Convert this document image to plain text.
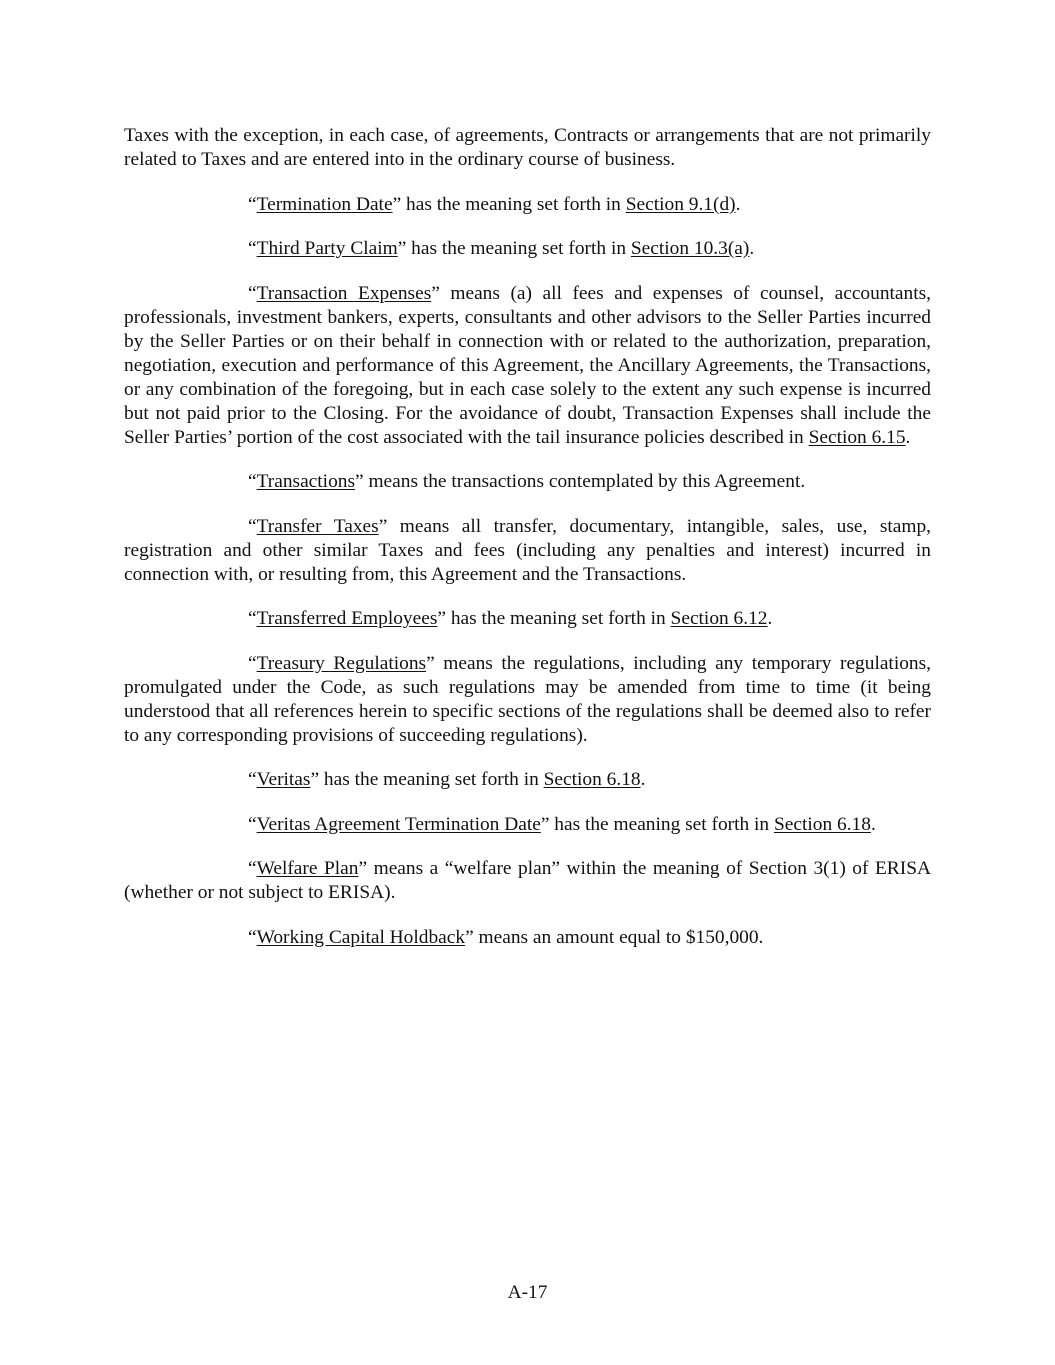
Taxes with the exception, in each case, of agreements, Contracts or arrangements that are not primarily related to Taxes and are entered into in the ordinary course of business.

“Termination Date” has the meaning set forth in Section 9.1(d).

“Third Party Claim” has the meaning set forth in Section 10.3(a).

“Transaction Expenses” means (a) all fees and expenses of counsel, accountants, professionals, investment bankers, experts, consultants and other advisors to the Seller Parties incurred by the Seller Parties or on their behalf in connection with or related to the authorization, preparation, negotiation, execution and performance of this Agreement, the Ancillary Agreements, the Transactions, or any combination of the foregoing, but in each case solely to the extent any such expense is incurred but not paid prior to the Closing. For the avoidance of doubt, Transaction Expenses shall include the Seller Parties’ portion of the cost associated with the tail insurance policies described in Section 6.15.

“Transactions” means the transactions contemplated by this Agreement.

“Transfer Taxes” means all transfer, documentary, intangible, sales, use, stamp, registration and other similar Taxes and fees (including any penalties and interest) incurred in connection with, or resulting from, this Agreement and the Transactions.

“Transferred Employees” has the meaning set forth in Section 6.12.

“Treasury Regulations” means the regulations, including any temporary regulations, promulgated under the Code, as such regulations may be amended from time to time (it being understood that all references herein to specific sections of the regulations shall be deemed also to refer to any corresponding provisions of succeeding regulations).

“Veritas” has the meaning set forth in Section 6.18.

“Veritas Agreement Termination Date” has the meaning set forth in Section 6.18.

“Welfare Plan” means a “welfare plan” within the meaning of Section 3(1) of ERISA (whether or not subject to ERISA).

“Working Capital Holdback” means an amount equal to $150,000.

A-17
